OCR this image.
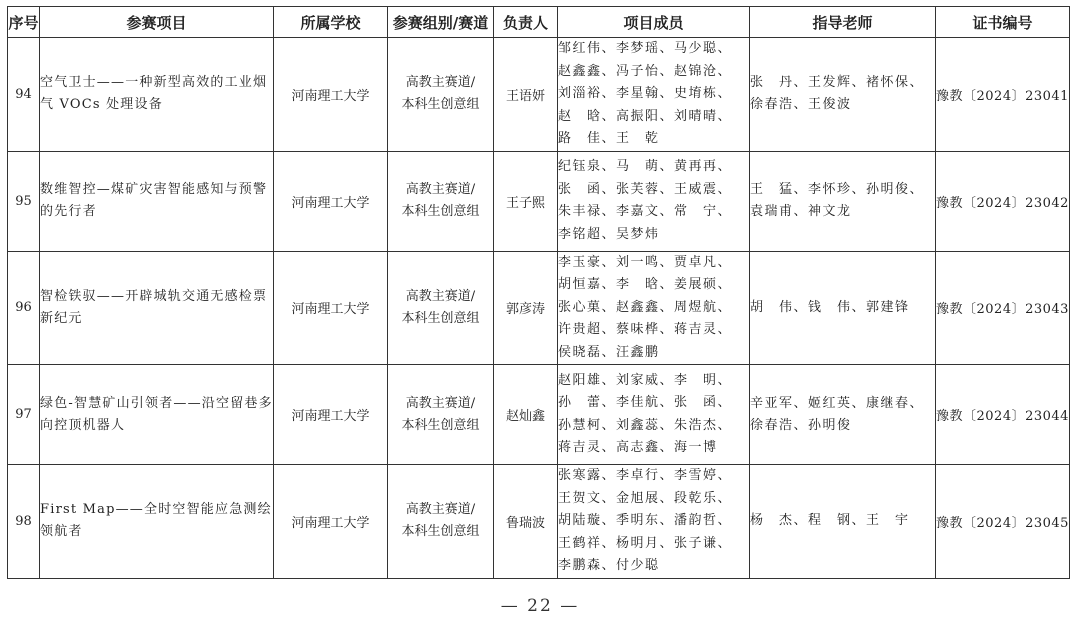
序号	参赛项目	所属学校	参赛组别/赛道	负责人	项目成员	指导老师	证书编号
94	空气卫士——一种新型高效的工业烟气 VOCs 处理设备	河南理工大学	高教主赛道/
本科生创意组	王语妍	邹红伟、李梦瑶、马少聪、
赵鑫鑫、冯子怡、赵锦沧、
刘淄裕、李星翰、史堉栋、
赵　晗、高振阳、刘晴晴、
路　佳、王　乾	张　丹、王发辉、褚怀保、
徐春浩、王俊波	豫教〔2024〕23041
95	数维智控—煤矿灾害智能感知与预警的先行者	河南理工大学	高教主赛道/
本科生创意组	王子熙	纪钰泉、马　萌、黄再再、
张　函、张芙蓉、王威震、
朱丰禄、李嘉文、常　宁、
李铭超、吴梦炜	王　猛、李怀珍、孙明俊、
袁瑞甫、神文龙	豫教〔2024〕23042
96	智检铁驭——开辟城轨交通无感检票新纪元	河南理工大学	高教主赛道/
本科生创意组	郭彦涛	李玉豪、刘一鸣、贾卓凡、
胡恒嘉、李　晗、姜展硕、
张心菓、赵鑫鑫、周煜航、
许贵超、蔡味桦、蒋吉灵、
侯晓磊、汪鑫鹏	胡　伟、钱　伟、郭建锋	豫教〔2024〕23043
97	绿色-智慧矿山引领者——沿空留巷多向控顶机器人	河南理工大学	高教主赛道/
本科生创意组	赵灿鑫	赵阳雄、刘家威、李　明、
孙　蕾、李佳航、张　函、
孙慧柯、刘鑫蕊、朱浩杰、
蒋吉灵、高志鑫、海一博	辛亚军、姬红英、康继春、
徐春浩、孙明俊	豫教〔2024〕23044
98	First Map——全时空智能应急测绘领航者	河南理工大学	高教主赛道/
本科生创意组	鲁瑞波	张寒露、李卓行、李雪婷、
王贺文、金旭展、段乾乐、
胡陆璇、季明东、潘韵哲、
王鹤祥、杨明月、张子谦、
李鹏森、付少聪	杨　杰、程　钢、王　宇	豫教〔2024〕23045
— 22 —
